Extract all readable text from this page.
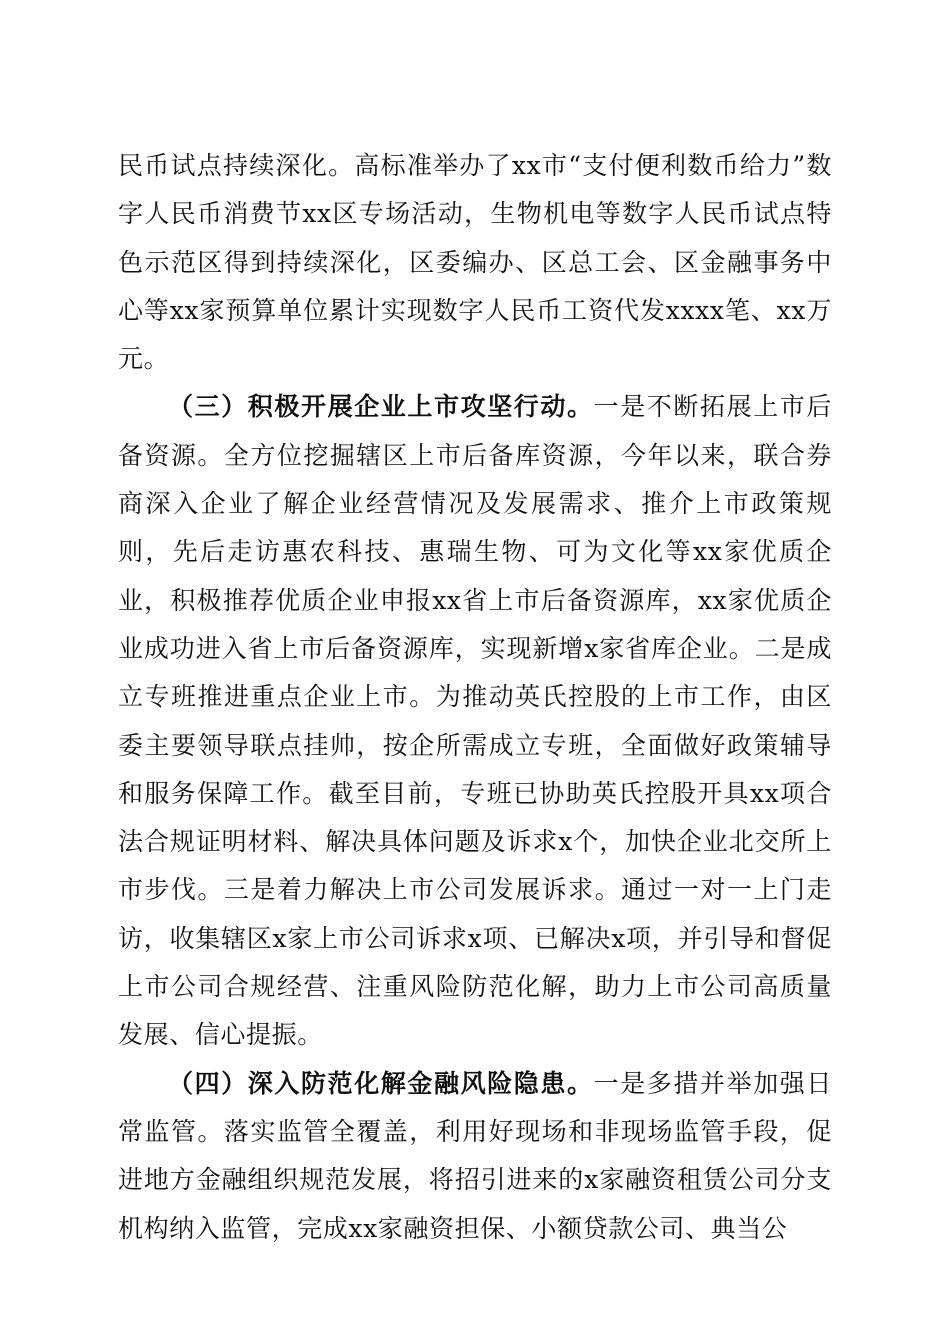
民币试点持续深化。高标准举办了xx市“支付便利数币给力”数字人民币消费节xx区专场活动，生物机电等数字人民币试点特色示范区得到持续深化，区委编办、区总工会、区金融事务中心等xx家预算单位累计实现数字人民币工资代发xxxx笔、xx万元。

（三）积极开展企业上市攻坚行动。一是不断拓展上市后备资源。全方位挖掘辖区上市后备库资源，今年以来，联合券商深入企业了解企业经营情况及发展需求、推介上市政策规则，先后走访惠农科技、惠瑞生物、可为文化等xx家优质企业，积极推荐优质企业申报xx省上市后备资源库，xx家优质企业成功进入省上市后备资源库，实现新增x家省库企业。二是成立专班推进重点企业上市。为推动英氏控股的上市工作，由区委主要领导联点挂帅，按企所需成立专班，全面做好政策辅导和服务保障工作。截至目前，专班已协助英氏控股开具xx项合法合规证明材料、解决具体问题及诉求x个，加快企业北交所上市步伐。三是着力解决上市公司发展诉求。通过一对一上门走访，收集辖区x家上市公司诉求x项、已解决x项，并引导和督促上市公司合规经营、注重风险防范化解，助力上市公司高质量发展、信心提振。

（四）深入防范化解金融风险隐患。一是多措并举加强日常监管。落实监管全覆盖，利用好现场和非现场监管手段，促进地方金融组织规范发展，将招引进来的x家融资租赁公司分支机构纳入监管，完成xx家融资担保、小额贷款公司、典当公
